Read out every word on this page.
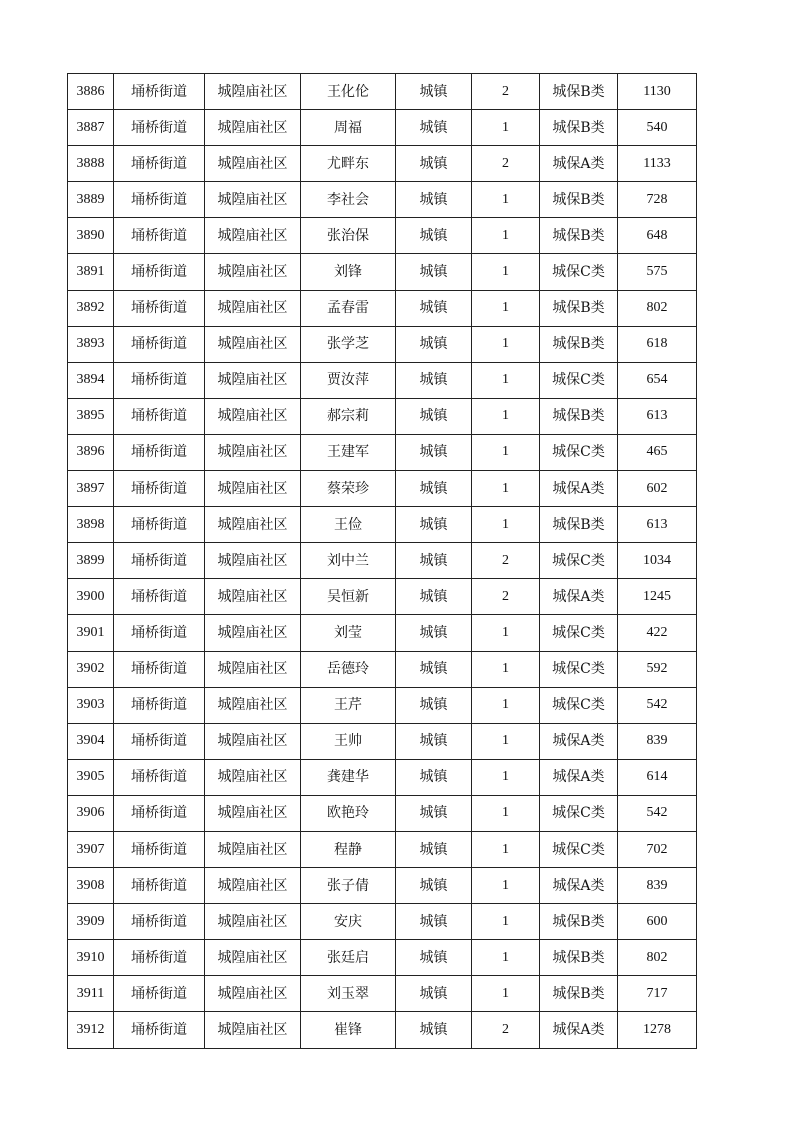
3886	埇桥街道	城隍庙社区	王化伦	城镇	2	城保B类	1130
3887	埇桥街道	城隍庙社区	周福	城镇	1	城保B类	540
3888	埇桥街道	城隍庙社区	尤畔东	城镇	2	城保A类	1133
3889	埇桥街道	城隍庙社区	李社会	城镇	1	城保B类	728
3890	埇桥街道	城隍庙社区	张治保	城镇	1	城保B类	648
3891	埇桥街道	城隍庙社区	刘锋	城镇	1	城保C类	575
3892	埇桥街道	城隍庙社区	孟春雷	城镇	1	城保B类	802
3893	埇桥街道	城隍庙社区	张学芝	城镇	1	城保B类	618
3894	埇桥街道	城隍庙社区	贾汝萍	城镇	1	城保C类	654
3895	埇桥街道	城隍庙社区	郝宗莉	城镇	1	城保B类	613
3896	埇桥街道	城隍庙社区	王建军	城镇	1	城保C类	465
3897	埇桥街道	城隍庙社区	蔡荣珍	城镇	1	城保A类	602
3898	埇桥街道	城隍庙社区	王俭	城镇	1	城保B类	613
3899	埇桥街道	城隍庙社区	刘中兰	城镇	2	城保C类	1034
3900	埇桥街道	城隍庙社区	吴恒新	城镇	2	城保A类	1245
3901	埇桥街道	城隍庙社区	刘莹	城镇	1	城保C类	422
3902	埇桥街道	城隍庙社区	岳德玲	城镇	1	城保C类	592
3903	埇桥街道	城隍庙社区	王芹	城镇	1	城保C类	542
3904	埇桥街道	城隍庙社区	王帅	城镇	1	城保A类	839
3905	埇桥街道	城隍庙社区	龚建华	城镇	1	城保A类	614
3906	埇桥街道	城隍庙社区	欧艳玲	城镇	1	城保C类	542
3907	埇桥街道	城隍庙社区	程静	城镇	1	城保C类	702
3908	埇桥街道	城隍庙社区	张子倩	城镇	1	城保A类	839
3909	埇桥街道	城隍庙社区	安庆	城镇	1	城保B类	600
3910	埇桥街道	城隍庙社区	张廷启	城镇	1	城保B类	802
3911	埇桥街道	城隍庙社区	刘玉翠	城镇	1	城保B类	717
3912	埇桥街道	城隍庙社区	崔锋	城镇	2	城保A类	1278
